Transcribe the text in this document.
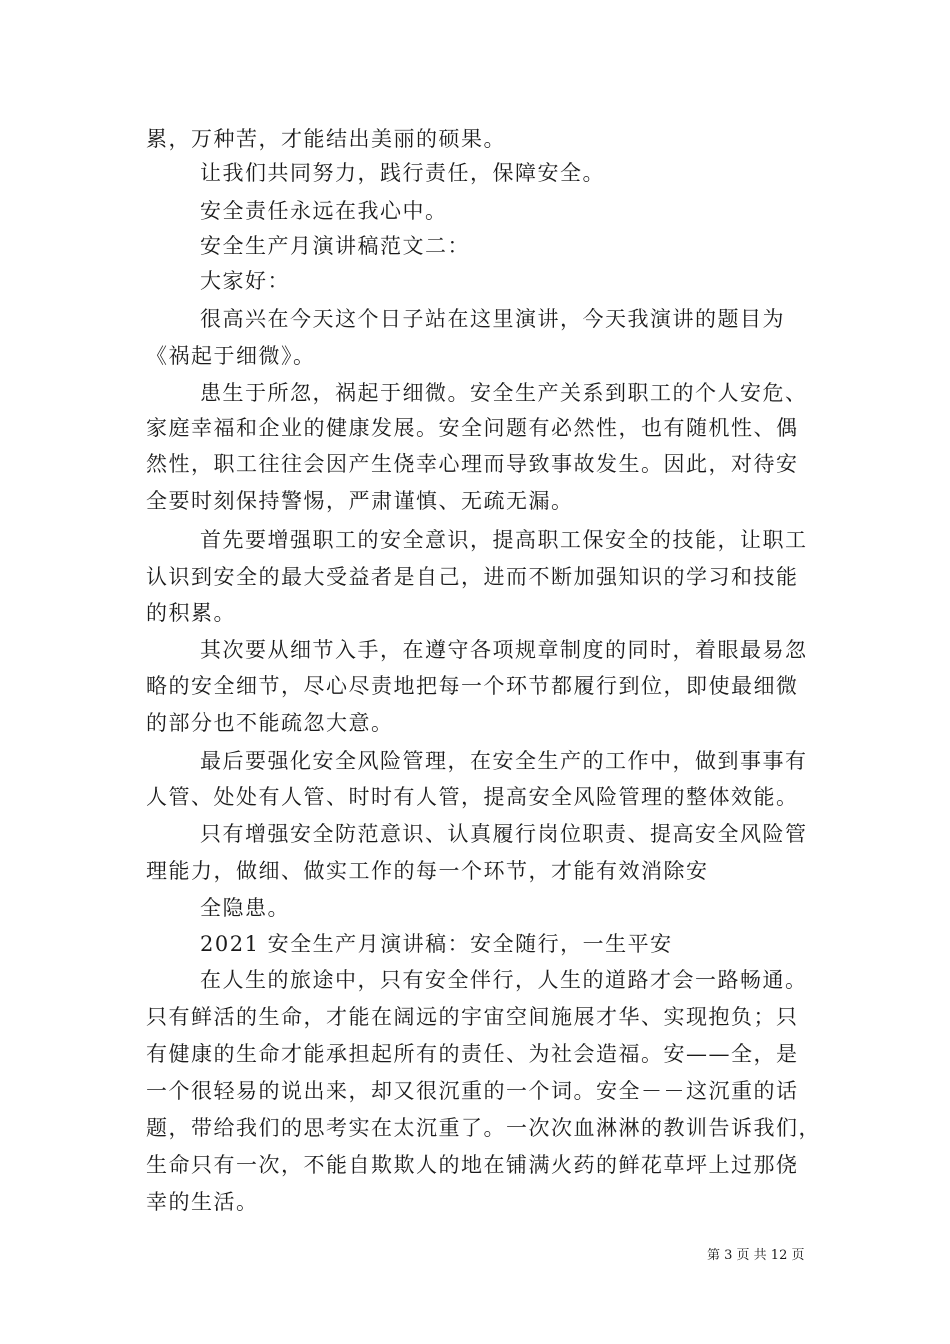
累，万种苦，才能结出美丽的硕果。
让我们共同努力，践行责任，保障安全。
安全责任永远在我心中。
安全生产月演讲稿范文二：
大家好：
很高兴在今天这个日子站在这里演讲，今天我演讲的题目为
《祸起于细微》。
患生于所忽，祸起于细微。安全生产关系到职工的个人安危、
家庭幸福和企业的健康发展。安全问题有必然性，也有随机性、偶
然性，职工往往会因产生侥幸心理而导致事故发生。因此，对待安
全要时刻保持警惕，严肃谨慎、无疏无漏。
首先要增强职工的安全意识，提高职工保安全的技能，让职工
认识到安全的最大受益者是自己，进而不断加强知识的学习和技能
的积累。
其次要从细节入手，在遵守各项规章制度的同时，着眼最易忽
略的安全细节，尽心尽责地把每一个环节都履行到位，即使最细微
的部分也不能疏忽大意。
最后要强化安全风险管理，在安全生产的工作中，做到事事有
人管、处处有人管、时时有人管，提高安全风险管理的整体效能。
只有增强安全防范意识、认真履行岗位职责、提高安全风险管
理能力，做细、做实工作的每一个环节，才能有效消除安
全隐患。
2021 安全生产月演讲稿：安全随行，一生平安
在人生的旅途中，只有安全伴行，人生的道路才会一路畅通。
只有鲜活的生命，才能在阔远的宇宙空间施展才华、实现抱负；只
有健康的生命才能承担起所有的责任、为社会造福。安——全，是
一个很轻易的说出来，却又很沉重的一个词。安全－－这沉重的话
题，带给我们的思考实在太沉重了。一次次血淋淋的教训告诉我们，
生命只有一次，不能自欺欺人的地在铺满火药的鲜花草坪上过那侥
幸的生活。
第 3 页 共 12 页
